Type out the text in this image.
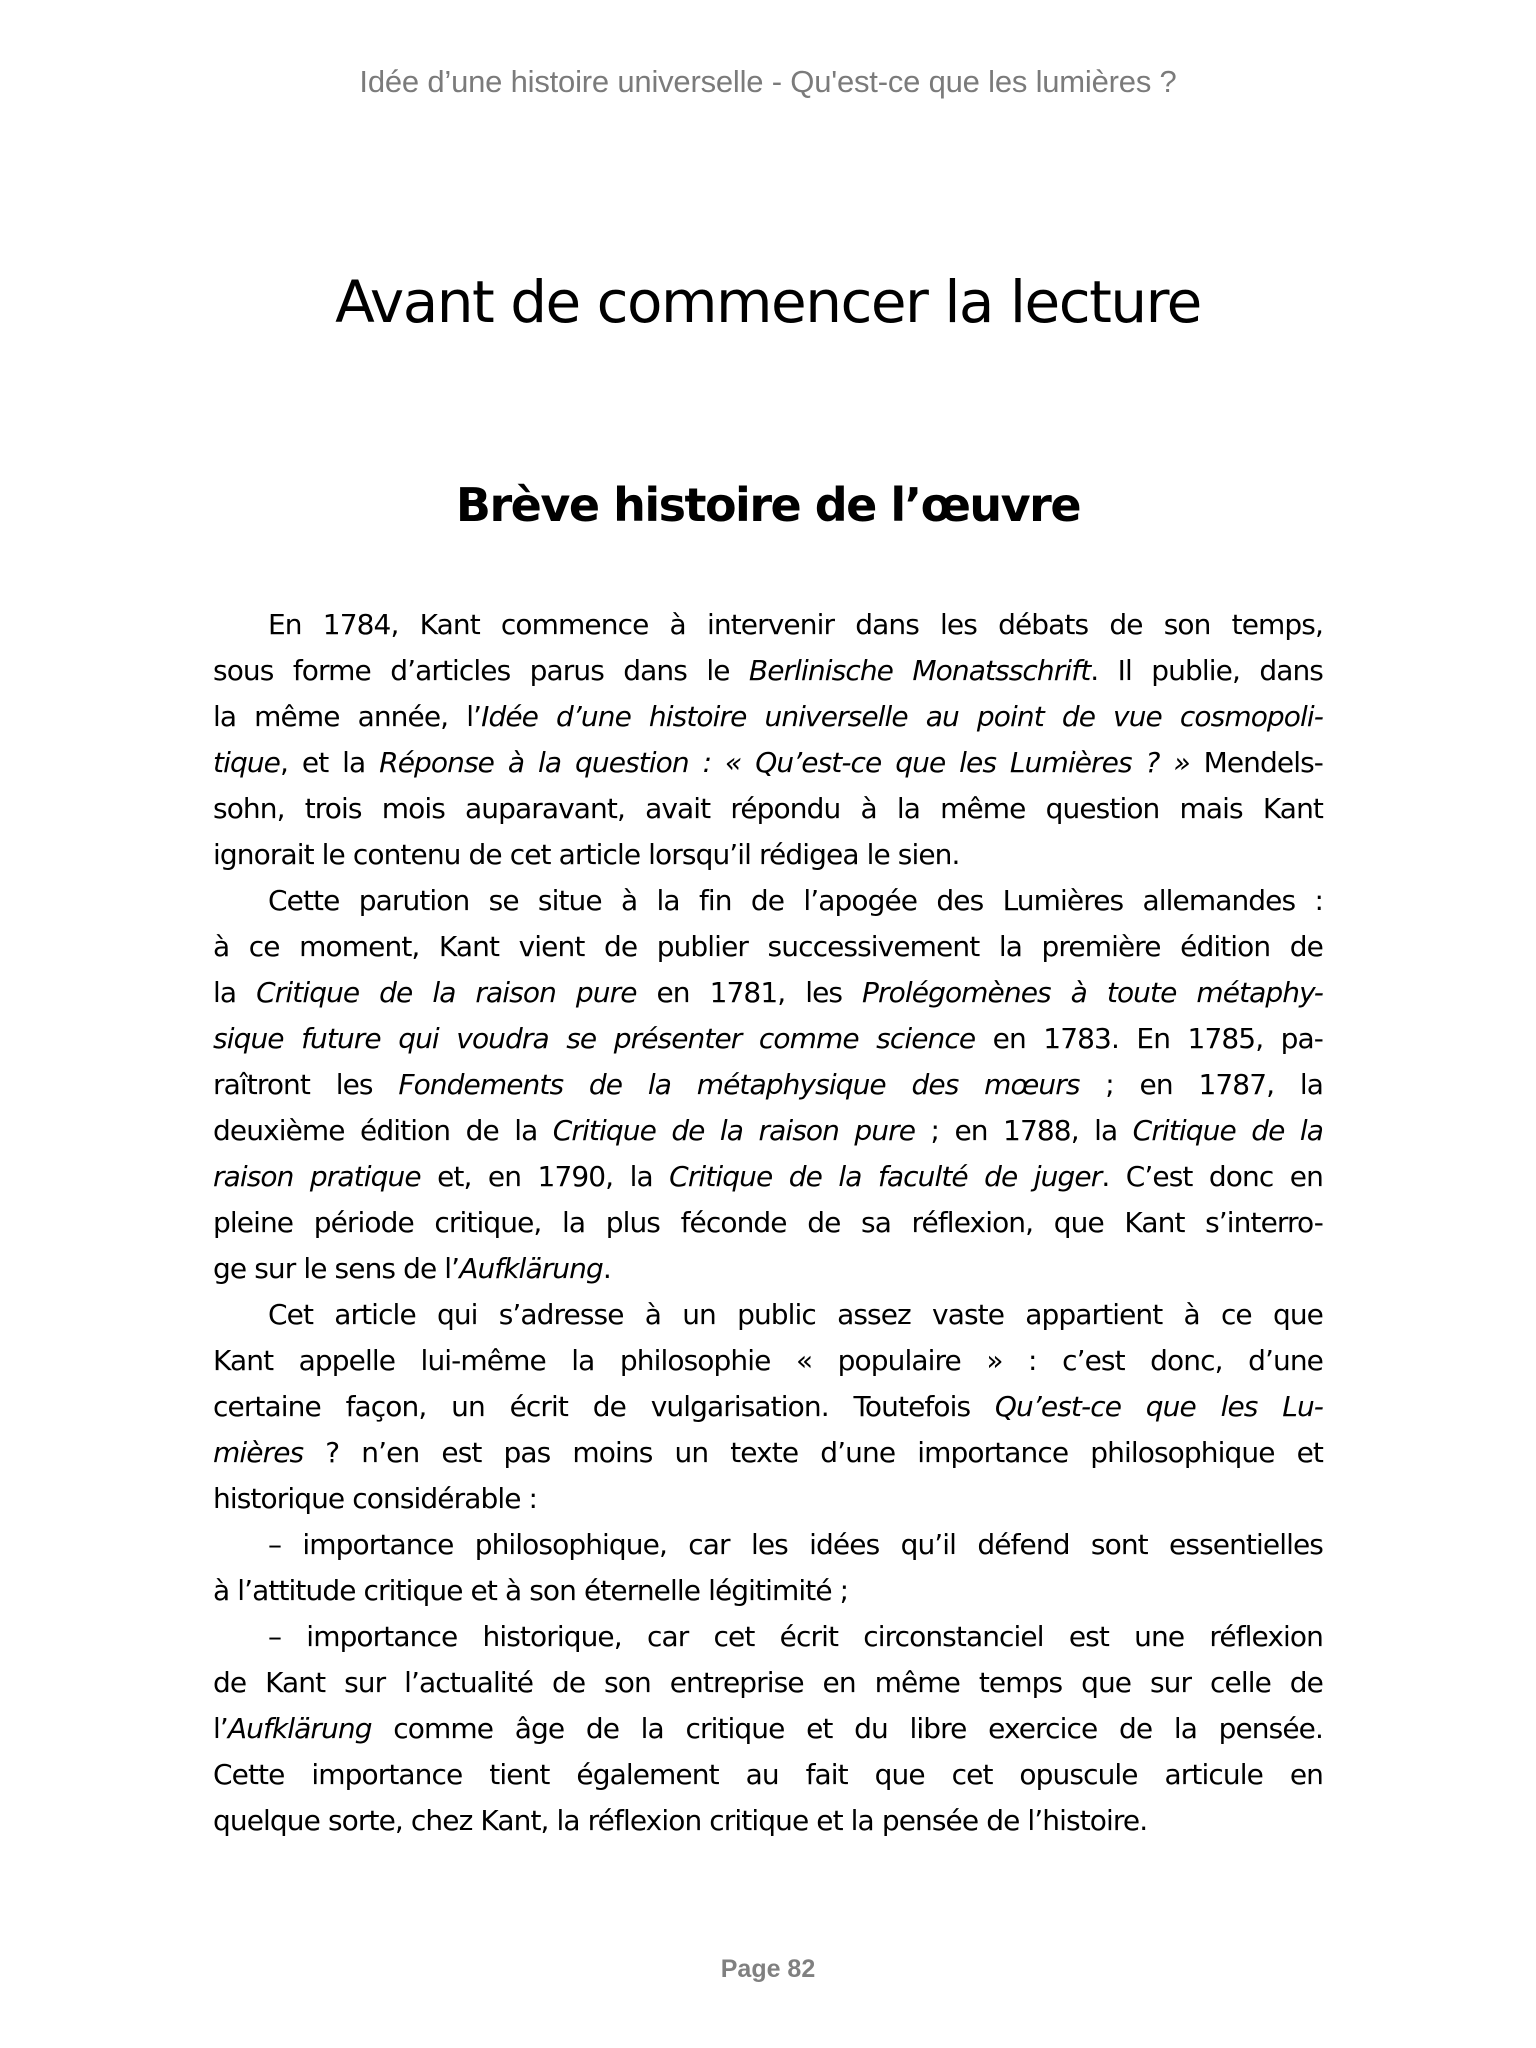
Idée d’une histoire universelle - Qu'est-ce que les lumières ?
Avant de commencer la lecture
Brève histoire de l’œuvre
En 1784, Kant commence à intervenir dans les débats de son temps,
sous forme d’articles parus dans le Berlinische Monatsschrift. Il publie, dans
la même année, l’Idée d’une histoire universelle au point de vue cosmopoli-
tique, et la Réponse à la question : « Qu’est-ce que les Lumières ? » Mendels-
sohn, trois mois auparavant, avait répondu à la même question mais Kant
ignorait le contenu de cet article lorsqu’il rédigea le sien.
Cette parution se situe à la fin de l’apogée des Lumières allemandes :
à ce moment, Kant vient de publier successivement la première édition de
la Critique de la raison pure en 1781, les Prolégomènes à toute métaphy-
sique future qui voudra se présenter comme science en 1783. En 1785, pa-
raîtront les Fondements de la métaphysique des mœurs ; en 1787, la
deuxième édition de la Critique de la raison pure ; en 1788, la Critique de la
raison pratique et, en 1790, la Critique de la faculté de juger. C’est donc en
pleine période critique, la plus féconde de sa réflexion, que Kant s’interro-
ge sur le sens de l’Aufklärung.
Cet article qui s’adresse à un public assez vaste appartient à ce que
Kant appelle lui-même la philosophie « populaire » : c’est donc, d’une
certaine façon, un écrit de vulgarisation. Toutefois Qu’est-ce que les Lu-
mières ? n’en est pas moins un texte d’une importance philosophique et
historique considérable :
– importance philosophique, car les idées qu’il défend sont essentielles
à l’attitude critique et à son éternelle légitimité ;
– importance historique, car cet écrit circonstanciel est une réflexion
de Kant sur l’actualité de son entreprise en même temps que sur celle de
l’Aufklärung comme âge de la critique et du libre exercice de la pensée.
Cette importance tient également au fait que cet opuscule articule en
quelque sorte, chez Kant, la réflexion critique et la pensée de l’histoire.
Page 82
